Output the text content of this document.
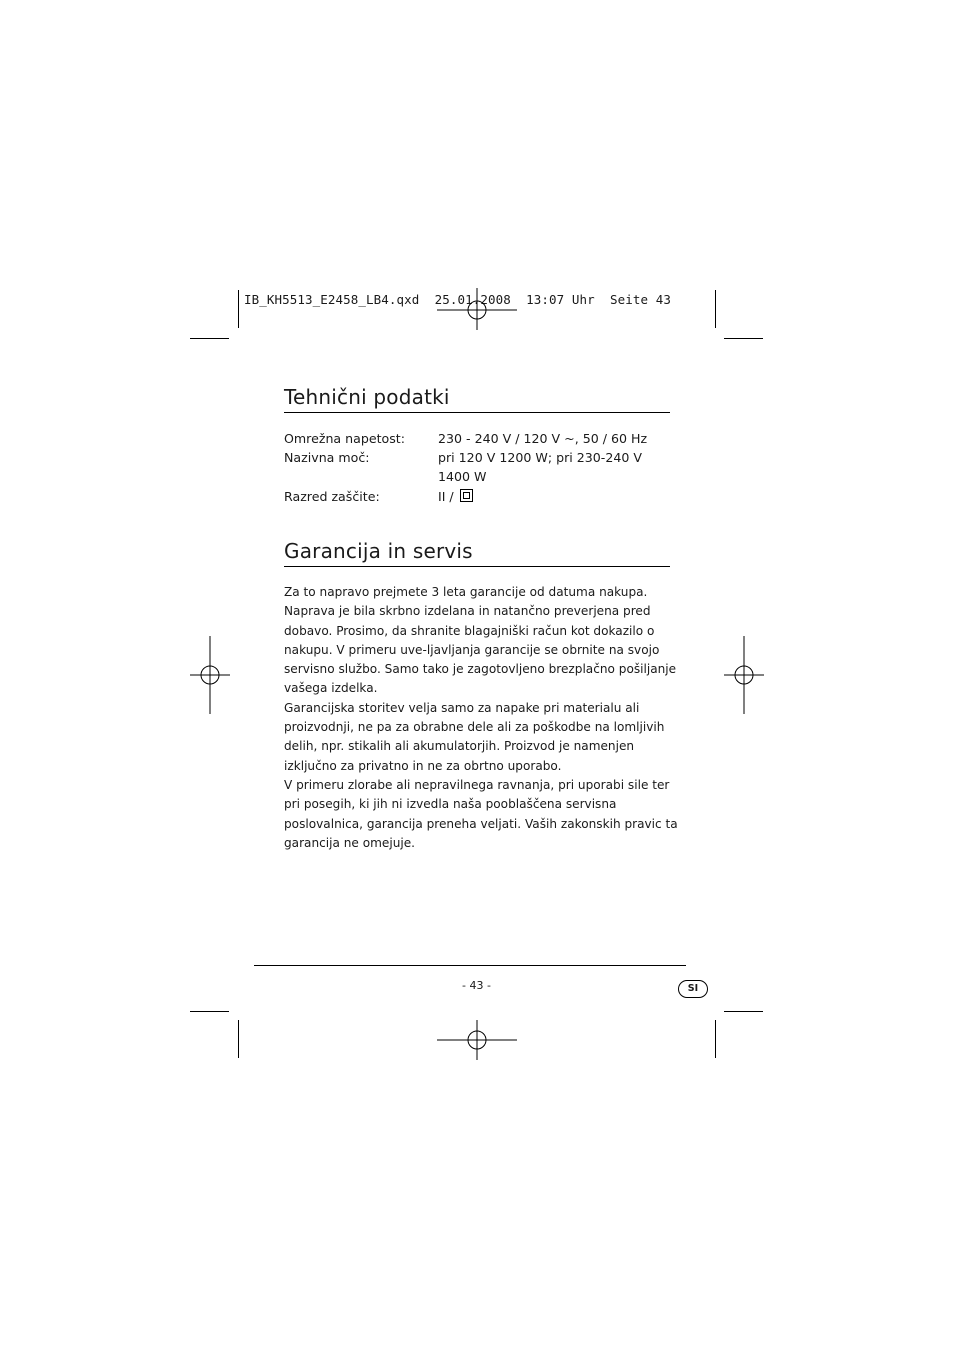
IB_KH5513_E2458_LB4.qxd  25.01.2008  13:07 Uhr  Seite 43
Tehnični podatki
Omrežna napetost:	230 - 240 V / 120 V ~, 50 / 60 Hz
Nazivna moč:	pri 120 V 1200 W; pri 230-240 V
1400 W
Razred zaščite:	II /
Garancija in servis

Za to napravo prejmete 3 leta garancije od datuma nakupa. Naprava je bila skrbno izdelana in natančno preverjena pred dobavo. Prosimo, da shranite blagajniški račun kot dokazilo o nakupu. V primeru uve-ljavljanja garancije se obrnite na svojo servisno službo. Samo tako je zagotovljeno brezplačno pošiljanje vašega izdelka.

Garancijska storitev velja samo za napake pri materialu ali proizvodnji, ne pa za obrabne dele ali za poškodbe na lomljivih delih, npr. stikalih ali akumulatorjih. Proizvod je namenjen izključno za privatno in ne za obrtno uporabo.

V primeru zlorabe ali nepravilnega ravnanja, pri uporabi sile ter pri posegih, ki jih ni izvedla naša pooblaščena servisna poslovalnica, garancija preneha veljati. Vaših zakonskih pravic ta garancija ne omejuje.

- 43 -	SI
